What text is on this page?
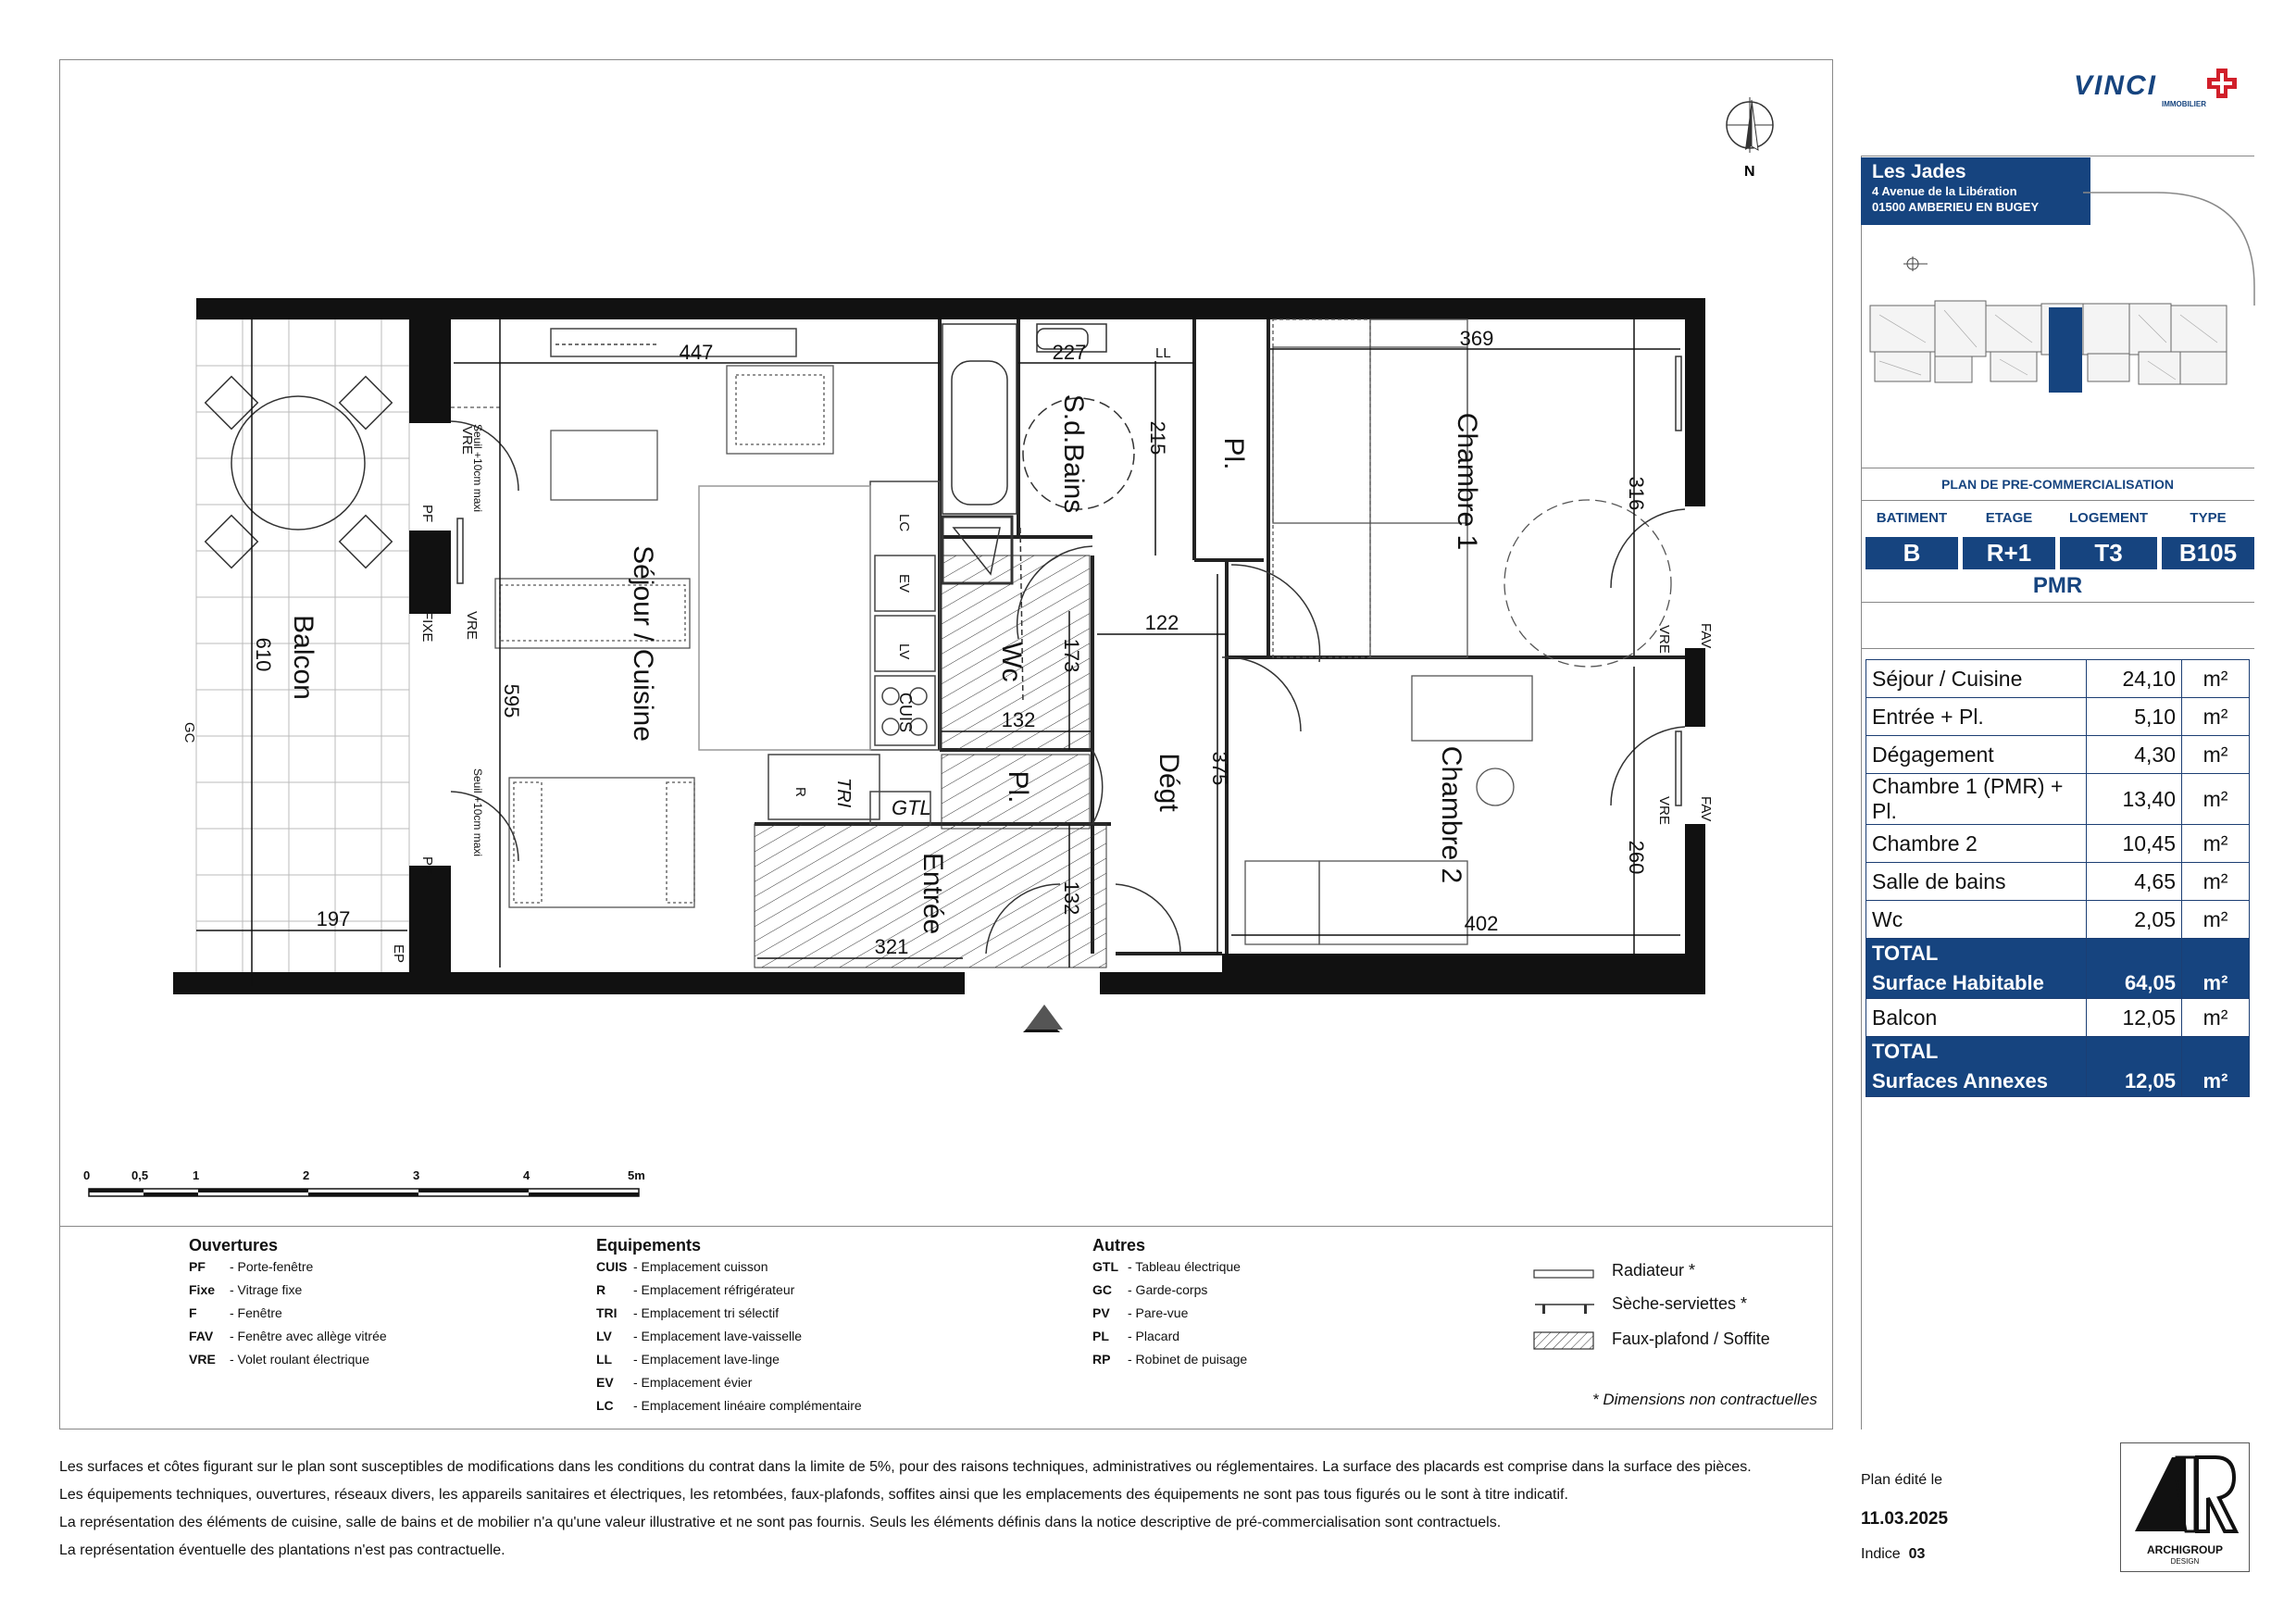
VINCI
IMMOBILIER
Les Jades
4 Avenue de la Libération
01500 AMBERIEU EN BUGEY
PLAN DE PRE-COMMERCIALISATION
BATIMENT	ETAGE	LOGEMENT	TYPE
B	R+1	T3	B105
PMR
Séjour / Cuisine	24,10	m²
Entrée + Pl.	5,10	m²
Dégagement	4,30	m²
Chambre 1 (PMR) + Pl.	13,40	m²
Chambre 2	10,45	m²
Salle de bains	4,65	m²
Wc	2,05	m²
TOTAL		
Surface Habitable	64,05	m²
Balcon	12,05	m²
TOTAL		
Surfaces Annexes	12,05	m²
Plan édité le
11.03.2025
Indice 03	ARCHIGROUP
DESIGN
Les surfaces et côtes figurant sur le plan sont susceptibles de modifications dans les conditions du contrat dans la limite de 5%, pour des raisons techniques, administratives ou réglementaires. La surface des placards est comprise dans la surface des pièces.
Les équipements techniques, ouvertures, réseaux divers, les appareils sanitaires et électriques, les retombées, faux-plafonds, soffites ainsi que les emplacements des équipements ne sont pas tous figurés ou le sont à titre indicatif.
La représentation des éléments de cuisine, salle de bains et de mobilier n'a qu'une valeur illustrative et ne sont pas fournis. Seuls les éléments définis dans la notice descriptive de pré-commercialisation sont contractuels.
La représentation éventuelle des plantations n'est pas contractuelle.
Ouvertures
PF - Porte-fenêtre
Fixe - Vitrage fixe
F	- Fenêtre
FAV - Fenêtre avec allège vitrée
VRE - Volet roulant électrique
Equipements
CUIS - Emplacement cuisson
R - Emplacement réfrigérateur
TRI - Emplacement tri sélectif
LV - Emplacement lave-vaisselle
LL - Emplacement lave-linge
EV - Emplacement évier
LC - Emplacement linéaire complémentaire
Autres
GTL - Tableau électrique
GC - Garde-corps
PV - Pare-vue
PL - Placard
RP - Robinet de puisage
Radiateur *
Sèche-serviettes *
Faux-plafond / Soffite
* Dimensions non contractuelles
0	0,5	1	2	3	4	5m
N
Séjour / Cuisine
Balcon
S.d.Bains	Pl.	Chambre 1
Chambre 2
Wc
Pl.
Entrée
Dégt
447	227
369
215
316
122
173
132
375
595
610
197
321
132
402
260
LL
LC
EV
LV
CUIS
R TRI
GTL
VRE
VRE
FIXE
PF
PF
Seuil +10cm maxi
Seuil +10cm maxi
FAV
FAV
VRE
VRE
GC
EP
